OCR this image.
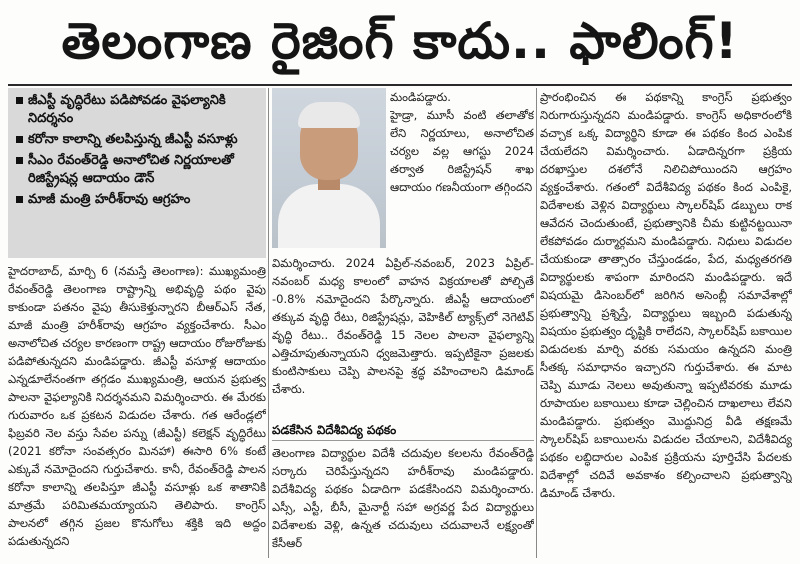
తెలంగాణ రైజింగ్ కాదు.. ఫాలింగ్!
జీఎస్టీ వృద్ధిరేటు పడిపోవడం వైఫల్యానికి నిదర్శనం
కరోనా కాలాన్ని తలపిస్తున్న జీఎస్టీ వసూళ్లు
సీఎం రేవంత్‌రెడ్డి అనాలోచిత నిర్ణయాలతో రిజిస్ట్రేషన్ల ఆదాయం డౌన్
మాజీ మంత్రి హరీశ్‌రావు ఆగ్రహం
హైదరాబాద్, మార్చి 6 (నమస్తే తెలంగాణ): ముఖ్యమంత్రి రేవంత్‌రెడ్డి తెలంగాణ రాష్ట్రాన్ని అభివృద్ధి పథం వైపు కాకుండా పతనం వైపు తీసుకెళ్తున్నారని బీఆర్‌ఎస్ నేత, మాజీ మంత్రి హరీశ్‌రావు ఆగ్రహం వ్యక్తంచేశారు. సీఎం అనాలోచిత చర్యల కారణంగా రాష్ట్ర ఆదాయం రోజురోజుకు పడిపోతున్నదని మండిపడ్డారు. జీఎస్టీ వసూళ్ల ఆదాయం ఎన్నడూలేనంతగా తగ్గడం ముఖ్యమంత్రి, ఆయన ప్రభుత్వ పాలనా వైఫల్యానికి నిదర్శనమని విమర్శించారు. ఈ మేరకు గురువారం ఒక ప్రకటన విడుదల చేశారు. గత ఆరేండ్లలో ఫిబ్రవరి నెల వస్తు సేవల పన్ను (జీఎస్టీ) కలెక్షన్ వృద్ధిరేటు (2021 కరోనా సంవత్సరం మినహా) ఈసారి 6% కంటే ఎక్కువే నమోదైందని గుర్తుచేశారు. కానీ, రేవంత్‌రెడ్డి పాలన కరోనా కాలాన్ని తలపిస్తూ జీఎస్టీ వసూళ్లు ఒక శాతానికి మాత్రమే పరిమితమయ్యాయని తెలిపారు. కాంగ్రెస్ పాలనలో తగ్గిన ప్రజల కొనుగోలు శక్తికి ఇది అద్దం పడుతున్నదని
మండిపడ్డారు.
హైడ్రా, మూసీ వంటి తలాతోక లేని నిర్ణయాలు, అనాలోచిత చర్యల వల్ల ఆగస్టు 2024 తర్వాత రిజిస్ట్రేషన్ శాఖ ఆదాయం గణనీయంగా తగ్గిందని
విమర్శించారు. 2024 ఏప్రిల్-నవంబర్, 2023 ఏప్రిల్-నవంబర్ మధ్య కాలంలో వాహన విక్రయాలతో పోల్చితే -0.8% నమోదైందని పేర్కొన్నారు. జీఎస్టీ ఆదాయంలో తక్కువ వృద్ధి రేటు, రిజిస్ట్రేషన్లు, వెహికిల్ ట్యాక్స్‌లో నెగెటివ్ వృద్ధి రేటు.. రేవంత్‌రెడ్డి 15 నెలల పాలనా వైఫల్యాన్ని ఎత్తిచూపుతున్నాయని ధ్వజమెత్తారు. ఇప్పటికైనా ప్రజలకు కుంటిసాకులు చెప్పి పాలనపై శ్రద్ధ వహించాలని డిమాండ్ చేశారు.
పడకేసిన విదేశీవిద్య పథకం
తెలంగాణ విద్యార్థుల విదేశీ చదువుల కలలను రేవంత్‌రెడ్డి సర్కారు చెరిపేస్తున్నదని హరీశ్‌రావు మండిపడ్డారు. విదేశీవిద్య పథకం ఏడాదిగా పడకేసిందని విమర్శించారు. ఎస్సీ, ఎస్టీ, బీసీ, మైనార్టీ సహా అగ్రవర్ణ పేద విద్యార్థులు విదేశాలకు వెళ్లి, ఉన్నత చదువులు చదువాలనే లక్ష్యంతో కేసీఆర్
ప్రారంభించిన ఈ పథకాన్ని కాంగ్రెస్ ప్రభుత్వం నిరుగారుస్తున్నదని మండిపడ్డారు. కాంగ్రెస్ అధికారంలోకి వచ్చాక ఒక్క విద్యార్థిని కూడా ఈ పథకం కింద ఎంపిక చేయలేదని విమర్శించారు. ఏడాదిన్నరగా ప్రక్రియ దరఖాస్తుల దశలోనే నిలిచిపోయిందని ఆగ్రహం వ్యక్తంచేశారు. గతంలో విదేశీవిద్య పథకం కింద ఎంపికై, విదేశాలకు వెళ్లిన విద్యార్థులు స్కాలర్‌షిప్ డబ్బులు రాక ఆవేదన చెందుతుంటే, ప్రభుత్వానికి చీమ కుట్టినట్టయినా లేకపోవడం దుర్మార్గమని మండిపడ్డారు. నిధులు విడుదల చేయకుండా తాత్సారం చేస్తుండడం, పేద, మధ్యతరగతి విద్యార్థులకు శాపంగా మారిందని మండిపడ్డారు. ఇదే విషయమై డిసెంబర్‌లో జరిగిన అసెంబ్లీ సమావేశాల్లో ప్రభుత్వాన్ని ప్రశ్నిస్తే, విద్యార్థులు ఇబ్బంది పడుతున్న విషయం ప్రభుత్వం దృష్టికి రాలేదని, స్కాలర్‌షిప్ బకాయిల విడుదలకు మార్చి వరకు సమయం ఉన్నదని మంత్రి సీతక్క సమాధానం ఇచ్చారని గుర్తుచేశారు. ఈ మాట చెప్పి మూడు నెలలు అవుతున్నా ఇప్పటివరకు మూడు రూపాయల బకాయిలు కూడా చెల్లించిన దాఖలాలు లేవని మండిపడ్డారు. ప్రభుత్వం మొద్దునిద్ర వీడి తక్షణమే స్కాలర్‌షిప్ బకాయిలను విడుదల చేయాలని, విదేశీవిద్య పథకం లబ్ధిదారుల ఎంపిక ప్రక్రియను పూర్తిచేసి పేదలకు విదేశాల్లో చదివే అవకాశం కల్పించాలని ప్రభుత్వాన్ని డిమాండ్ చేశారు.
